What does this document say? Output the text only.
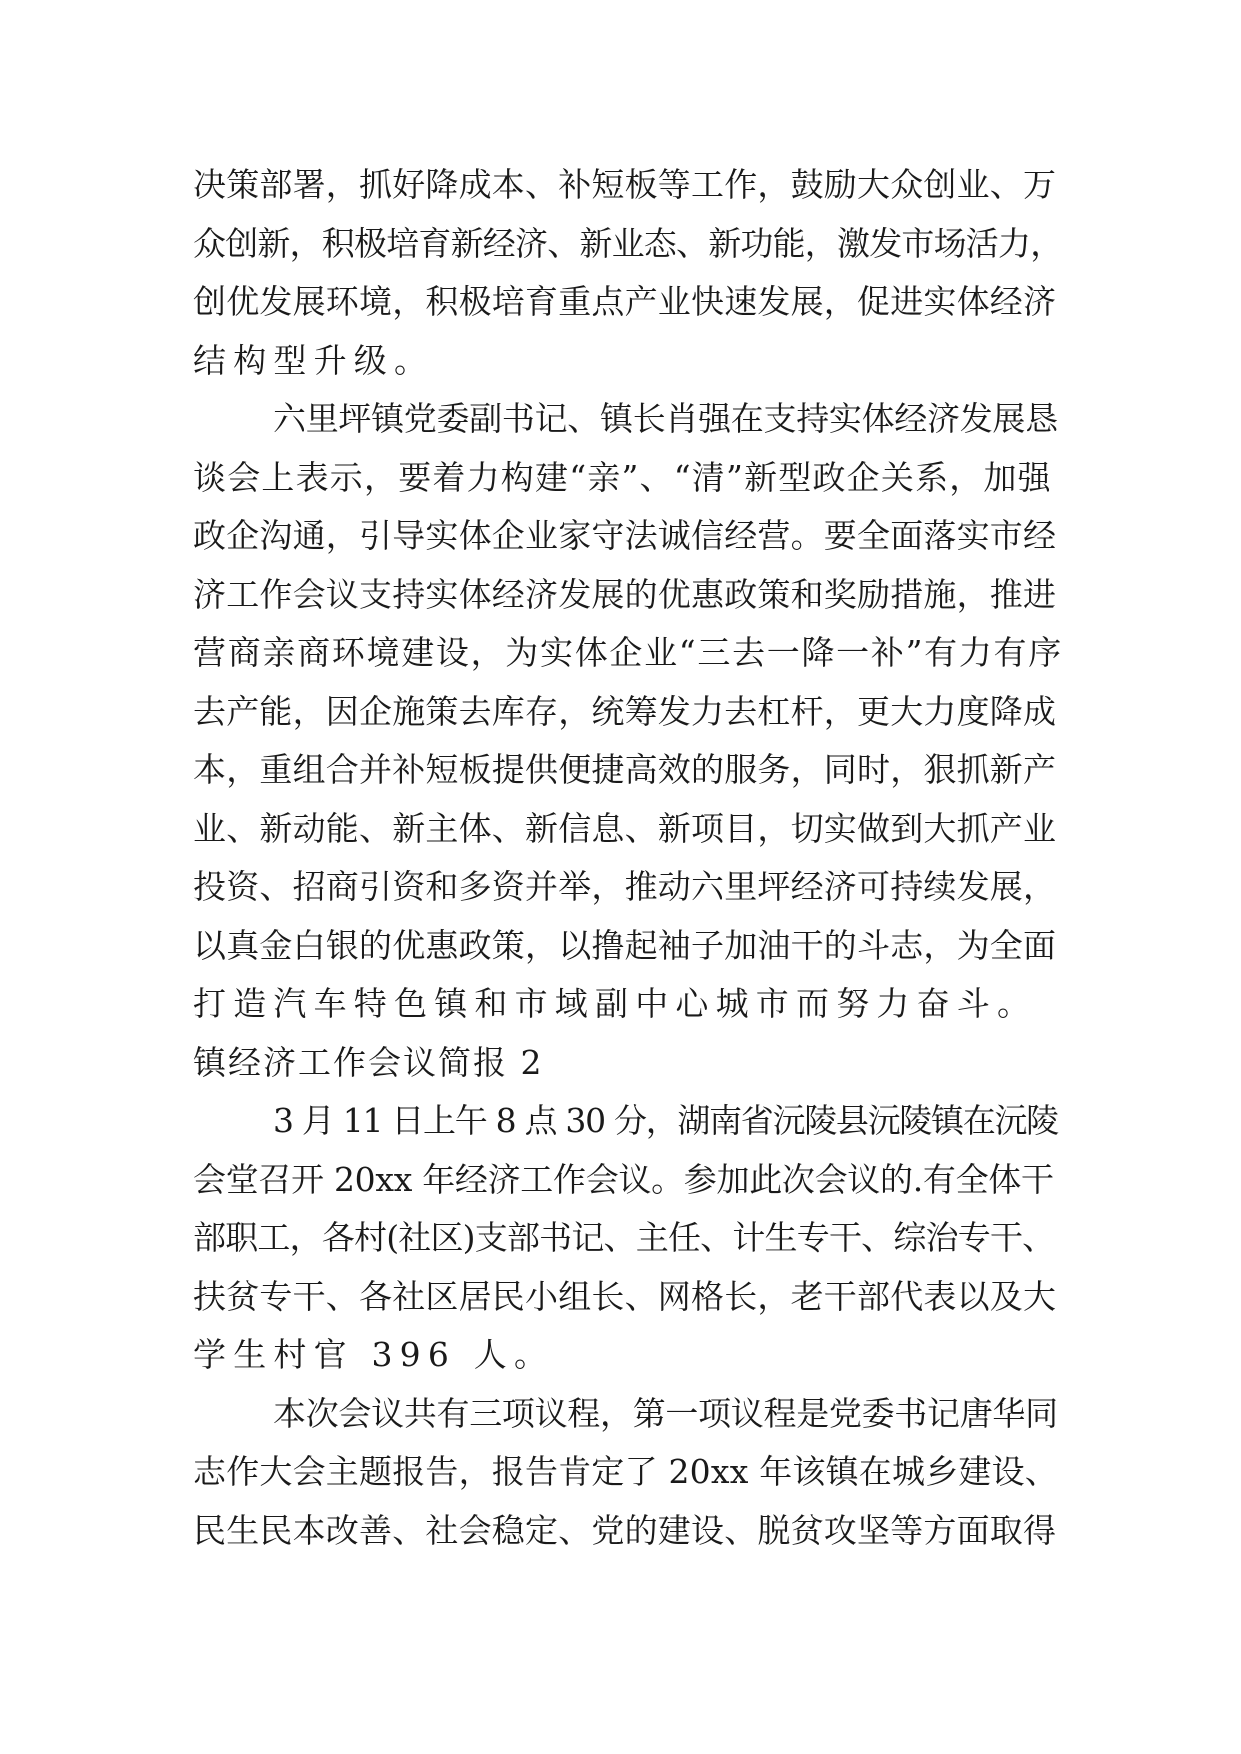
决策部署，抓好降成本、补短板等工作，鼓励大众创业、万
众创新，积极培育新经济、新业态、新功能，激发市场活力，
创优发展环境，积极培育重点产业快速发展，促进实体经济
结构型升级。
六里坪镇党委副书记、镇长肖强在支持实体经济发展恳
谈会上表示，要着力构建“亲”、“清”新型政企关系，加强
政企沟通，引导实体企业家守法诚信经营。要全面落实市经
济工作会议支持实体经济发展的优惠政策和奖励措施，推进
营商亲商环境建设，为实体企业“三去一降一补”有力有序
去产能，因企施策去库存，统筹发力去杠杆，更大力度降成
本，重组合并补短板提供便捷高效的服务，同时，狠抓新产
业、新动能、新主体、新信息、新项目，切实做到大抓产业
投资、招商引资和多资并举，推动六里坪经济可持续发展，
以真金白银的优惠政策，以撸起袖子加油干的斗志，为全面
打造汽车特色镇和市域副中心城市而努力奋斗。
镇经济工作会议简报 2
3 月 11 日上午 8 点 30 分，湖南省沅陵县沅陵镇在沅陵
会堂召开 20xx 年经济工作会议。参加此次会议的.有全体干
部职工，各村(社区)支部书记、主任、计生专干、综治专干、
扶贫专干、各社区居民小组长、网格长，老干部代表以及大
学生村官 396 人。
本次会议共有三项议程，第一项议程是党委书记唐华同
志作大会主题报告，报告肯定了 20xx 年该镇在城乡建设、
民生民本改善、社会稳定、党的建设、脱贫攻坚等方面取得
